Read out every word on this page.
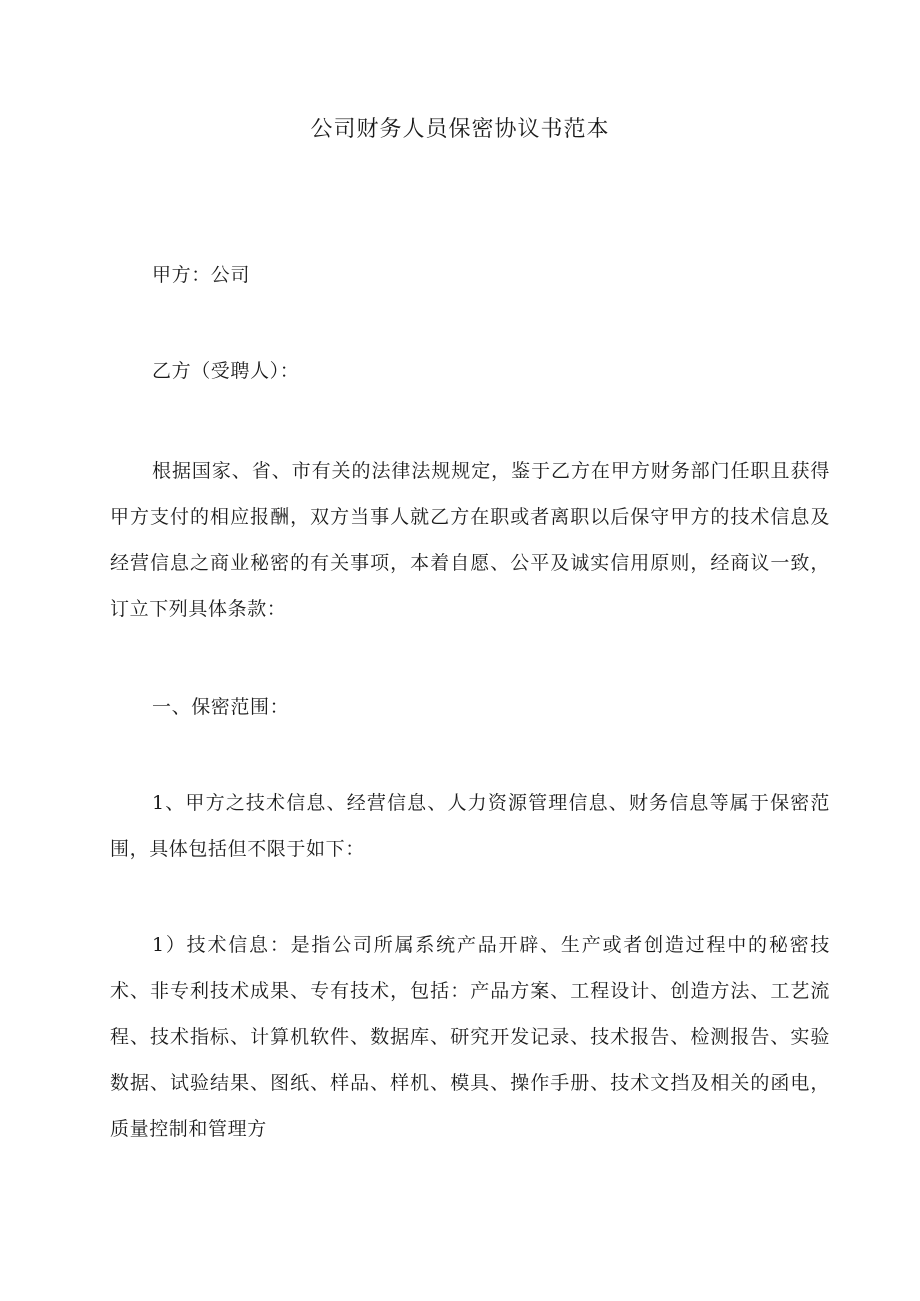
公司财务人员保密协议书范本

甲方：公司

乙方（受聘人）：

根据国家、省、市有关的法律法规规定，鉴于乙方在甲方财务部门任职且获得甲方支付的相应报酬，双方当事人就乙方在职或者离职以后保守甲方的技术信息及经营信息之商业秘密的有关事项，本着自愿、公平及诚实信用原则，经商议一致，订立下列具体条款：

一、保密范围：

1、甲方之技术信息、经营信息、人力资源管理信息、财务信息等属于保密范围，具体包括但不限于如下：

1）技术信息：是指公司所属系统产品开辟、生产或者创造过程中的秘密技术、非专利技术成果、专有技术，包括：产品方案、工程设计、创造方法、工艺流程、技术指标、计算机软件、数据库、研究开发记录、技术报告、检测报告、实验数据、试验结果、图纸、样品、样机、模具、操作手册、技术文挡及相关的函电，质量控制和管理方
